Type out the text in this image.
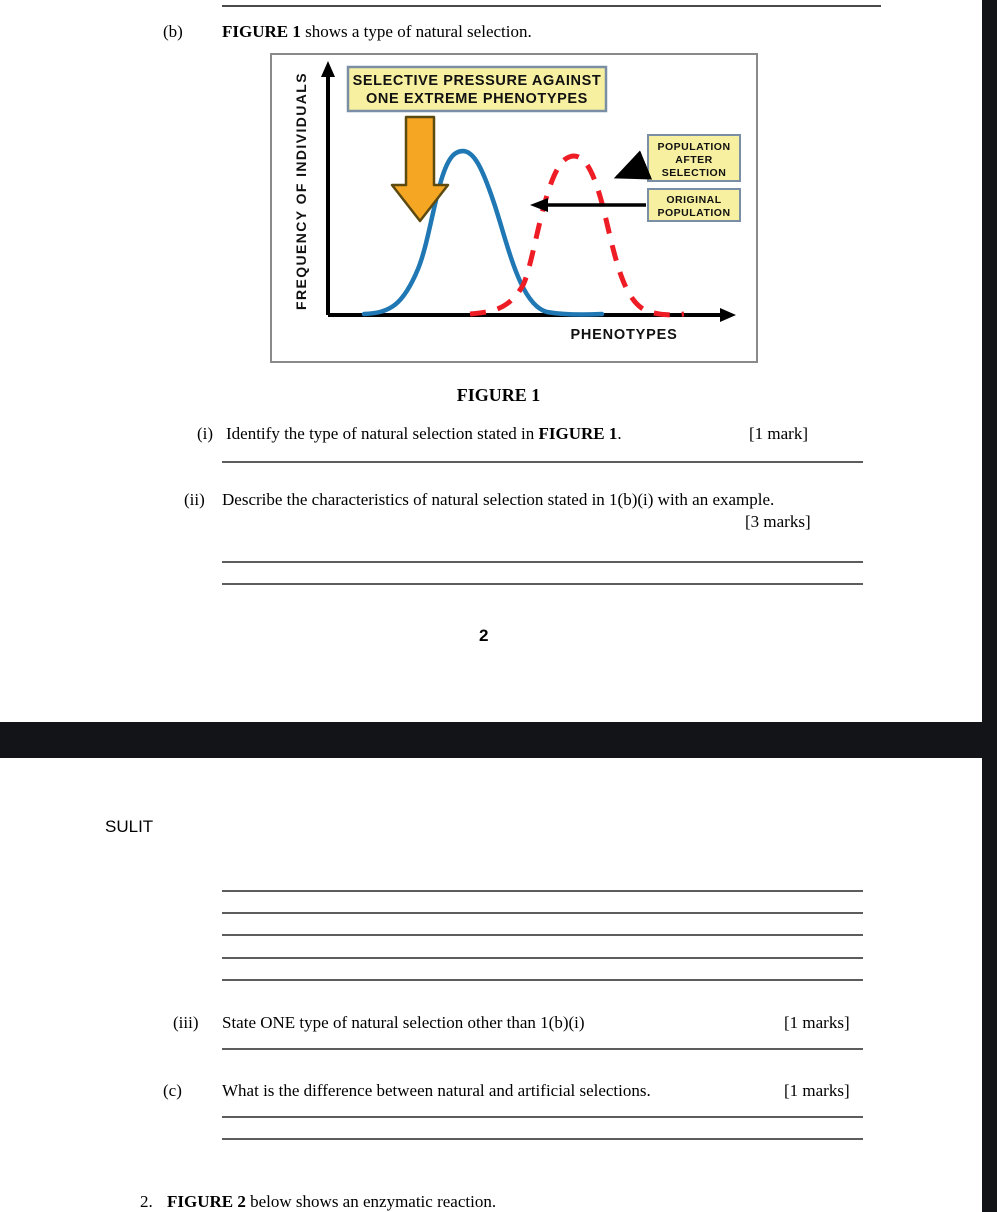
(b) FIGURE 1 shows a type of natural selection.
SELECTIVE PRESSURE AGAINST
ONE EXTREME PHENOTYPES
POPULATION
AFTER
SELECTION
ORIGINAL
POPULATION
FREQUENCY OF INDIVIDUALS
PHENOTYPES
FIGURE 1
(i) Identify the type of natural selection stated in FIGURE 1.	[1 mark]
(ii) Describe the characteristics of natural selection stated in 1(b)(i) with an example.
[3 marks]
2
SULIT
(iii) State ONE type of natural selection other than 1(b)(i)	[1 marks]
(c) What is the difference between natural and artificial selections.	[1 marks]
2. FIGURE 2 below shows an enzymatic reaction.
